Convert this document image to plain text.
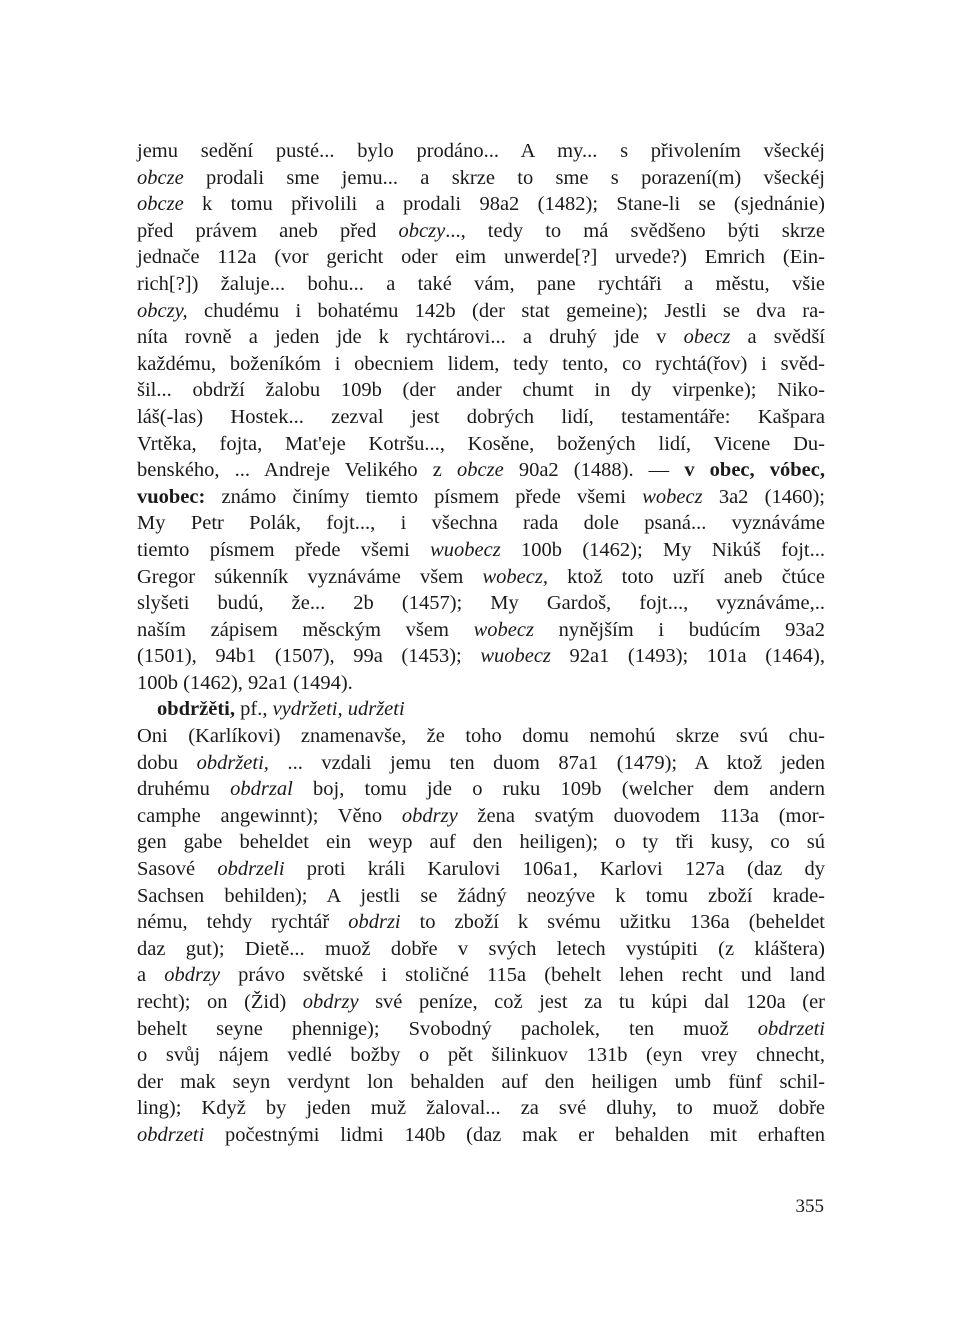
jemu sedění pusté... bylo prodáno... A my... s přivolením všeckéj
obcze prodali sme jemu... a skrze to sme s porazení(m) všeckéj
obcze k tomu přivolili a prodali 98a2 (1482); Stane-li se (sjednánie)
před právem aneb před obczy..., tedy to má svědšeno býti skrze
jednače 112a (vor gericht oder eim unwerde[?] urvede?) Emrich (Ein-
rich[?]) žaluje... bohu... a také vám, pane rychtáři a městu, všie
obczy, chudému i bohatému 142b (der stat gemeine); Jestli se dva ra-
níta rovně a jeden jde k rychtárovi... a druhý jde v obecz a svědší
každému, boženíkóm i obecniem lidem, tedy tento, co rychtá(řov) i svěd-
šil... obdrží žalobu 109b (der ander chumt in dy virpenke); Niko-
láš(-las) Hostek... zezval jest dobrých lidí, testamentáře: Kašpara
Vrtěka, fojta, Mat'eje Kotršu..., Kosěne, božených lidí, Vicene Du-
benského, ... Andreje Velikého z obcze 90a2 (1488). — v obec, vóbec,
vuobec: známo činímy tiemto písmem přede všemi wobecz 3a2 (1460);
My Petr Polák, fojt..., i všechna rada dole psaná... vyznáváme
tiemto písmem přede všemi wuobecz 100b (1462); My Nikúš fojt...
Gregor súkenník vyznáváme všem wobecz, ktož toto uzří aneb čtúce
slyšeti budú, že... 2b (1457); My Gardoš, fojt..., vyznáváme,..
naším zápisem měsckým všem wobecz nynějším i budúcím 93a2
(1501), 94b1 (1507), 99a (1453); wuobecz 92a1 (1493); 101a (1464),
100b (1462), 92a1 (1494).
obdržěti, pf., vydržeti, udržeti
Oni (Karlíkovi) znamenavše, že toho domu nemohú skrze svú chu-
dobu obdržeti, ... vzdali jemu ten duom 87a1 (1479); A ktož jeden
druhému obdrzal boj, tomu jde o ruku 109b (welcher dem andern
camphe angewinnt); Věno obdrzy žena svatým duovodem 113a (mor-
gen gabe beheldet ein weyp auf den heiligen); o ty tři kusy, co sú
Sasové obdrzeli proti králi Karulovi 106a1, Karlovi 127a (daz dy
Sachsen behilden); A jestli se žádný neozýve k tomu zboží krade-
nému, tehdy rychtář obdrzi to zboží k svému užitku 136a (beheldet
daz gut); Dietě... muož dobře v svých letech vystúpiti (z kláštera)
a obdrzy právo světské i stoličné 115a (behelt lehen recht und land
recht); on (Žid) obdrzy své peníze, což jest za tu kúpi dal 120a (er
behelt seyne phennige); Svobodný pacholek, ten muož obdrzeti
o svůj nájem vedlé božby o pět šilinkuov 131b (eyn vrey chnecht,
der mak seyn verdynt lon behalden auf den heiligen umb fünf schil-
ling); Když by jeden muž žaloval... za své dluhy, to muož dobře
obdrzeti počestnými lidmi 140b (daz mak er behalden mit erhaften
355
